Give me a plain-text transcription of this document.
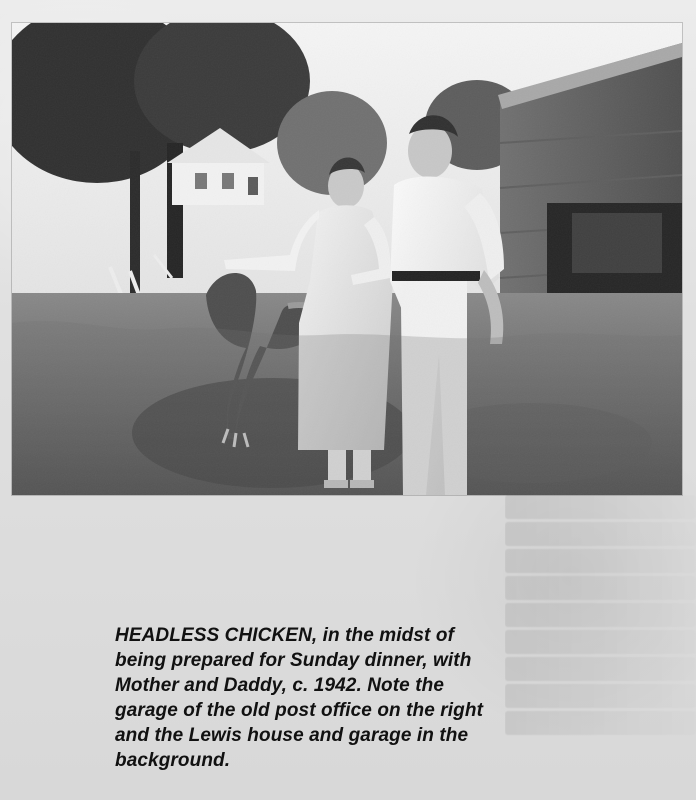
HEADLESS CHICKEN, in the midst of
being prepared for Sunday dinner, with
Mother and Daddy, c. 1942. Note the
garage of the old post office on the right
and the Lewis house and garage in the
background.
